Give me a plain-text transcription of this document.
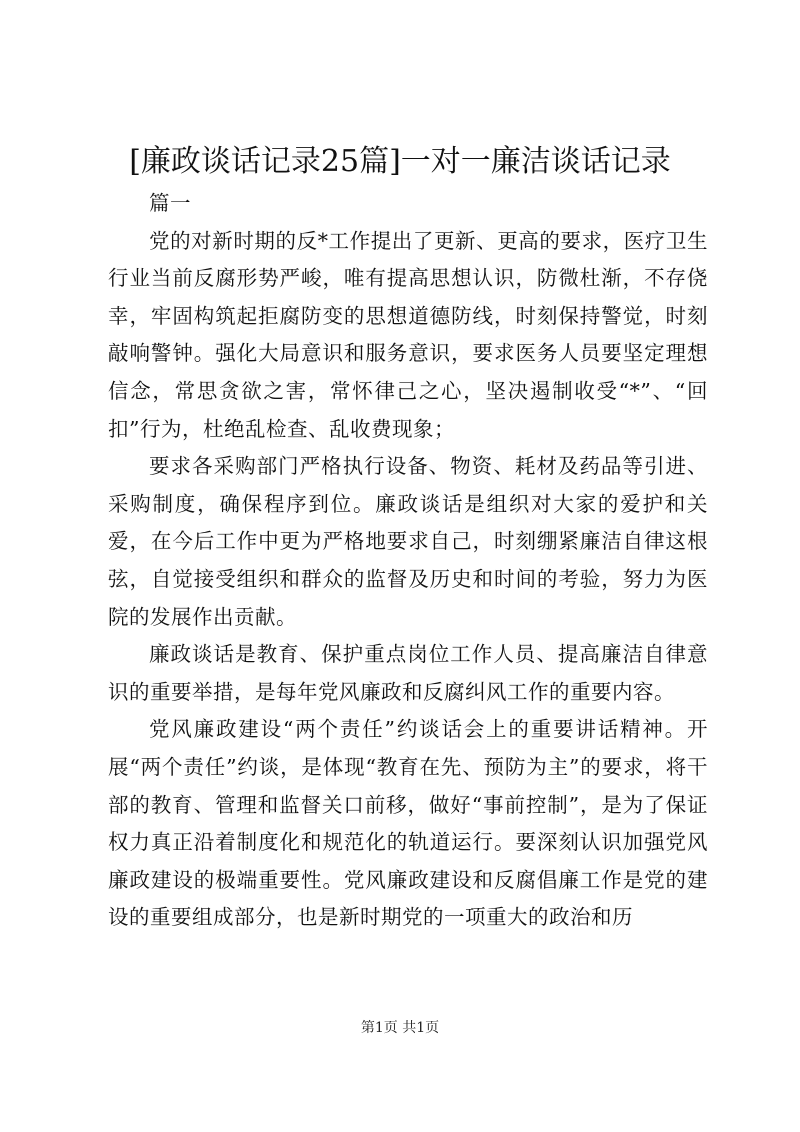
[廉政谈话记录25篇]一对一廉洁谈话记录

篇一

党的对新时期的反*工作提出了更新、更高的要求，医疗卫生行业当前反腐形势严峻，唯有提高思想认识，防微杜渐，不存侥幸，牢固构筑起拒腐防变的思想道德防线，时刻保持警觉，时刻敲响警钟。强化大局意识和服务意识，要求医务人员要坚定理想信念，常思贪欲之害，常怀律己之心，坚决遏制收受“*”、“回扣”行为，杜绝乱检查、乱收费现象；

要求各采购部门严格执行设备、物资、耗材及药品等引进、采购制度，确保程序到位。廉政谈话是组织对大家的爱护和关爱，在今后工作中更为严格地要求自己，时刻绷紧廉洁自律这根弦，自觉接受组织和群众的监督及历史和时间的考验，努力为医院的发展作出贡献。

廉政谈话是教育、保护重点岗位工作人员、提高廉洁自律意识的重要举措，是每年党风廉政和反腐纠风工作的重要内容。

党风廉政建设“两个责任”约谈话会上的重要讲话精神。开展“两个责任”约谈，是体现“教育在先、预防为主”的要求，将干部的教育、管理和监督关口前移，做好“事前控制”，是为了保证权力真正沿着制度化和规范化的轨道运行。要深刻认识加强党风廉政建设的极端重要性。党风廉政建设和反腐倡廉工作是党的建设的重要组成部分，也是新时期党的一项重大的政治和历

第1页 共1页
